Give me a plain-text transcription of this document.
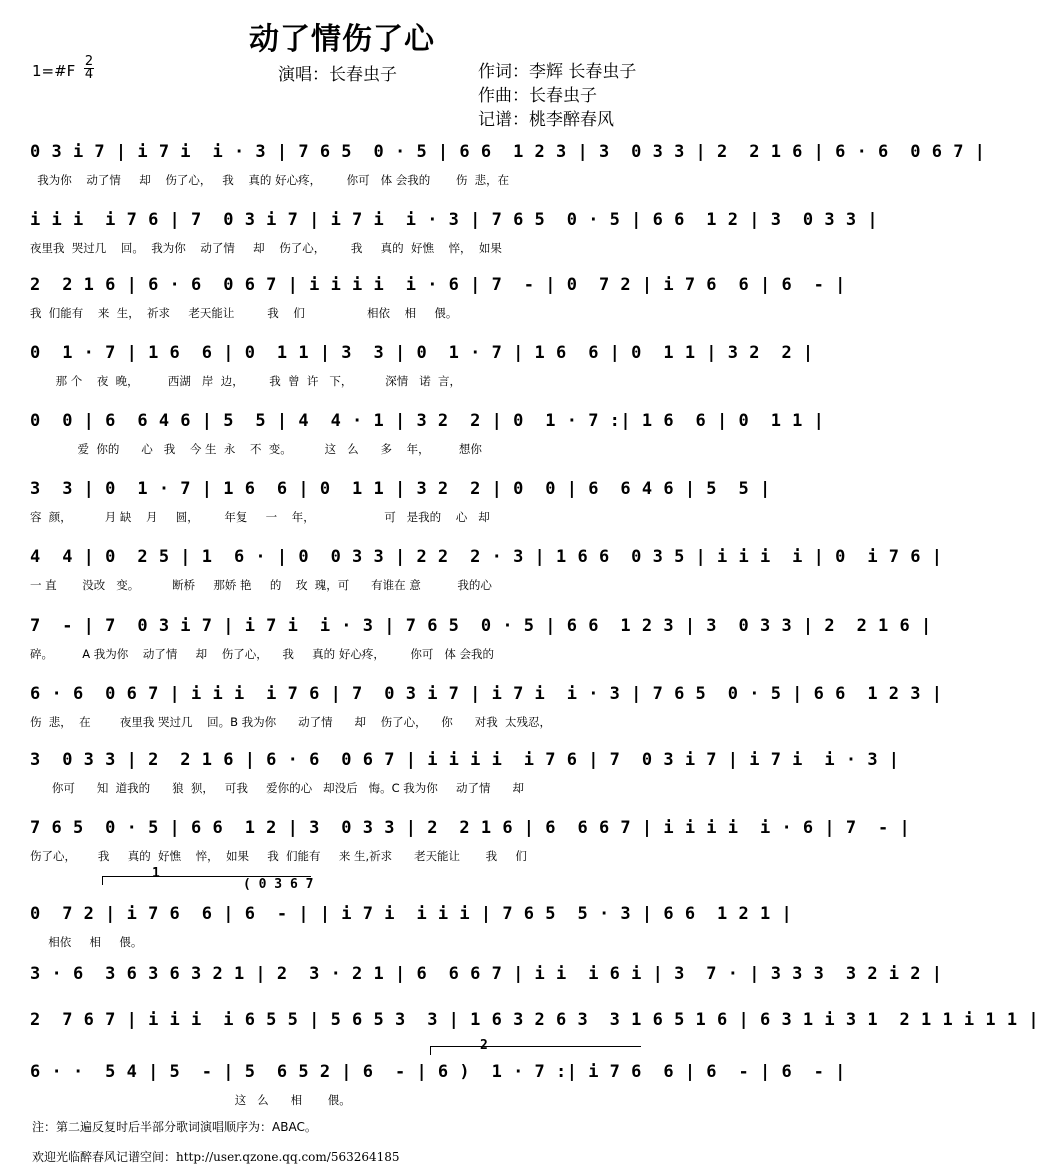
动了情伤了心
1=#F
2
4	演唱：长春虫子	作词：李辉 长春虫子
作曲：长春虫子
记谱：桃李醉春风
0 3 i 7 | i 7 i  i · 3 | 7 6 5  0 · 5 | 6 6  1 2 3 | 3  0 3 3 | 2  2 1 6 | 6 · 6  0 6 7 |
我为你    动了情     却    伤了心，   我    真的 好心疼，       你可   体 会我的       伤  悲，在
i i i  i 7 6 | 7  0 3 i 7 | i 7 i  i · 3 | 7 6 5  0 · 5 | 6 6  1 2 | 3  0 3 3 |
夜里我  哭过几    回。  我为你    动了情     却    伤了心，       我     真的  好憔    悴，  如果
2  2 1 6 | 6 · 6  0 6 7 | i i i i  i · 6 | 7  - | 0  7 2 | i 7 6  6 | 6  - |
我  们能有    来  生，  祈求     老天能让         我    们                 相依    相     偎。
0  1 · 7 | 1 6  6 | 0  1 1 | 3  3 | 0  1 · 7 | 1 6  6 | 0  1 1 | 3 2  2 |
那 个    夜  晚，        西湖   岸  边，       我  曾  许   下，         深情   诺  言，
0  0 | 6  6 4 6 | 5  5 | 4  4 · 1 | 3 2  2 | 0  1 · 7 :| 1 6  6 | 0  1 1 |
爱  你的      心   我    今 生  永    不  变。         这   么      多    年，        想你
3  3 | 0  1 · 7 | 1 6  6 | 0  1 1 | 3 2  2 | 0  0 | 6  6 4 6 | 5  5 |
容  颜，         月 缺    月     圆，       年复     一    年，                   可   是我的    心   却
4  4 | 0  2 5 | 1  6 · | 0  0 3 3 | 2 2  2 · 3 | 1 6 6  0 3 5 | i i i  i | 0  i 7 6 |
一 直       没改   变。         断桥     那娇 艳     的    玫  瑰，可      有谁在 意          我的心
7  - | 7  0 3 i 7 | i 7 i  i · 3 | 7 6 5  0 · 5 | 6 6  1 2 3 | 3  0 3 3 | 2  2 1 6 |
碎。        A 我为你    动了情     却    伤了心，    我     真的 好心疼，       你可   体 会我的
6 · 6  0 6 7 | i i i  i 7 6 | 7  0 3 i 7 | i 7 i  i · 3 | 7 6 5  0 · 5 | 6 6  1 2 3 |
伤  悲，  在        夜里我 哭过几    回。B 我为你      动了情      却    伤了心，    你      对我  太残忍，
3  0 3 3 | 2  2 1 6 | 6 · 6  0 6 7 | i i i i  i 7 6 | 7  0 3 i 7 | i 7 i  i · 3 |
你可      知  道我的      狼  狈，   可我     爱你的心   却没后   悔。C 我为你     动了情      却
7 6 5  0 · 5 | 6 6  1 2 | 3  0 3 3 | 2  2 1 6 | 6  6 6 7 | i i i i  i · 6 | 7  - |
伤了心，      我     真的  好憔    悴，  如果     我  们能有     来 生,祈求      老天能让       我     们
1
( 0 3 6 7
0  7 2 | i 7 6  6 | 6  - | | i 7 i  i i i | 7 6 5  5 · 3 | 6 6  1 2 1 |
相依     相     偎。
3 · 6  3 6 3 6 3 2 1 | 2  3 · 2 1 | 6  6 6 7 | i i  i 6 i | 3  7 · | 3 3 3  3 2 i 2 |
2  7 6 7 | i i i  i 6 5 5 | 5 6 5 3  3 | 1 6 3 2 6 3  3 1 6 5 1 6 | 6 3 1 i 3 1  2 1 1 i 1 1 |
2
6 · ·  5 4 | 5  - | 5  6 5 2 | 6  - | 6 )  1 · 7 :| i 7 6  6 | 6  - | 6  - |
这   么      相       偎。
注：第二遍反复时后半部分歌词演唱顺序为：ABAC。
欢迎光临醉春风记谱空间：http://user.qzone.qq.com/563264185
